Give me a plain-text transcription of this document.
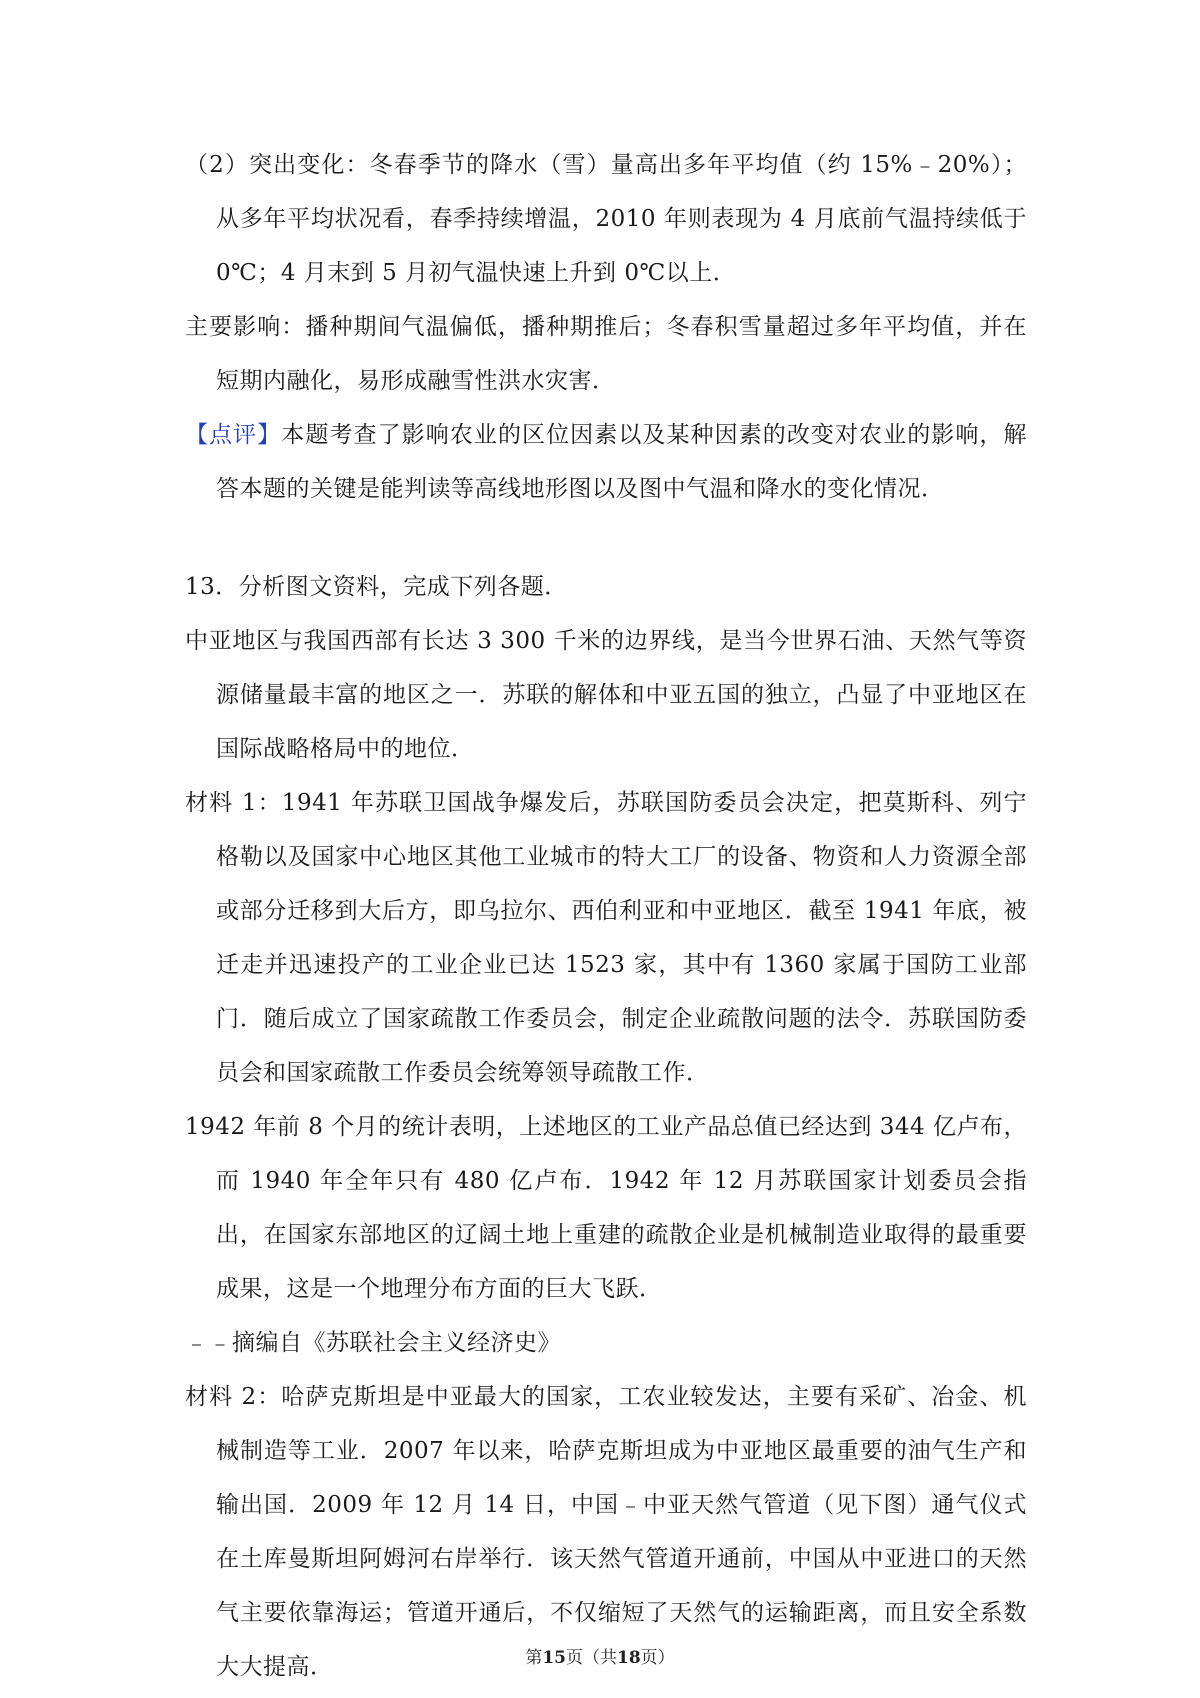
（2）突出变化：冬春季节的降水（雪）量高出多年平均值（约 15%﹣20%）；从多年平均状况看，春季持续增温，2010 年则表现为 4 月底前气温持续低于 0℃；4 月末到 5 月初气温快速上升到 0℃以上．

主要影响：播种期间气温偏低，播种期推后；冬春积雪量超过多年平均值，并在短期内融化，易形成融雪性洪水灾害．

【点评】本题考查了影响农业的区位因素以及某种因素的改变对农业的影响，解答本题的关键是能判读等高线地形图以及图中气温和降水的变化情况．

13．分析图文资料，完成下列各题．

中亚地区与我国西部有长达 3 300 千米的边界线，是当今世界石油、天然气等资源储量最丰富的地区之一．苏联的解体和中亚五国的独立，凸显了中亚地区在国际战略格局中的地位．

材料 1：1941 年苏联卫国战争爆发后，苏联国防委员会决定，把莫斯科、列宁格勒以及国家中心地区其他工业城市的特大工厂的设备、物资和人力资源全部或部分迁移到大后方，即乌拉尔、西伯利亚和中亚地区．截至 1941 年底，被迁走并迅速投产的工业企业已达 1523 家，其中有 1360 家属于国防工业部门．随后成立了国家疏散工作委员会，制定企业疏散问题的法令．苏联国防委员会和国家疏散工作委员会统筹领导疏散工作．

1942 年前 8 个月的统计表明，上述地区的工业产品总值已经达到 344 亿卢布，而 1940 年全年只有 480 亿卢布．1942 年 12 月苏联国家计划委员会指出，在国家东部地区的辽阔土地上重建的疏散企业是机械制造业取得的最重要成果，这是一个地理分布方面的巨大飞跃．

﹣﹣摘编自《苏联社会主义经济史》

材料 2：哈萨克斯坦是中亚最大的国家，工农业较发达，主要有采矿、冶金、机械制造等工业．2007 年以来，哈萨克斯坦成为中亚地区最重要的油气生产和输出国．2009 年 12 月 14 日，中国﹣中亚天然气管道（见下图）通气仪式在土库曼斯坦阿姆河右岸举行．该天然气管道开通前，中国从中亚进口的天然气主要依靠海运；管道开通后，不仅缩短了天然气的运输距离，而且安全系数大大提高．	第15页（共18页）
